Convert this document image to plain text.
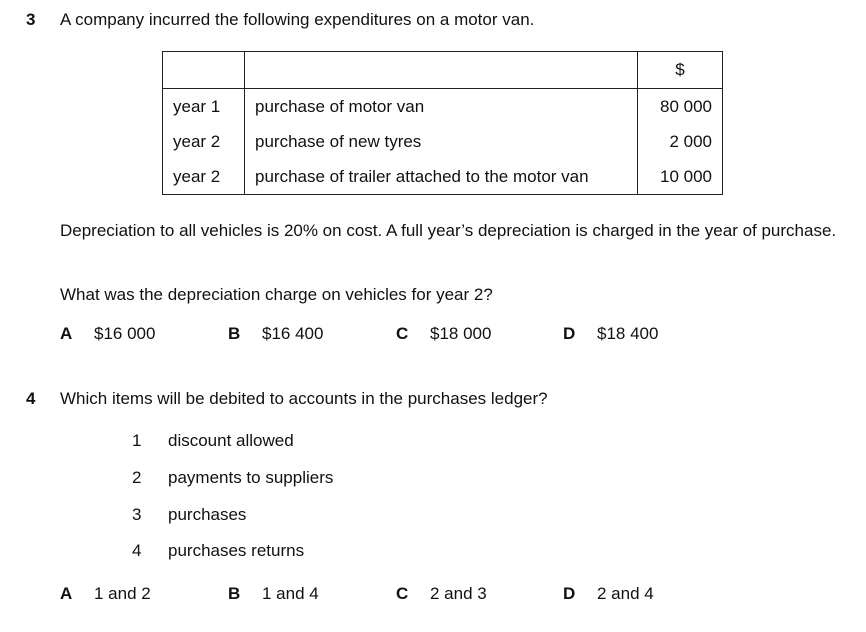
3 A company incurred the following expenditures on a motor van.
		$
year 1	purchase of motor van	80 000
year 2	purchase of new tyres	2 000
year 2	purchase of trailer attached to the motor van	10 000
Depreciation to all vehicles is 20% on cost. A full year’s depreciation is charged in the year of purchase.
What was the depreciation charge on vehicles for year 2?
A $16 000	B $16 400	C $18 000	D $18 400
4 Which items will be debited to accounts in the purchases ledger?
1 discount allowed
2 payments to suppliers
3 purchases
4 purchases returns
A 1 and 2	B 1 and 4	C 2 and 3	D 2 and 4
